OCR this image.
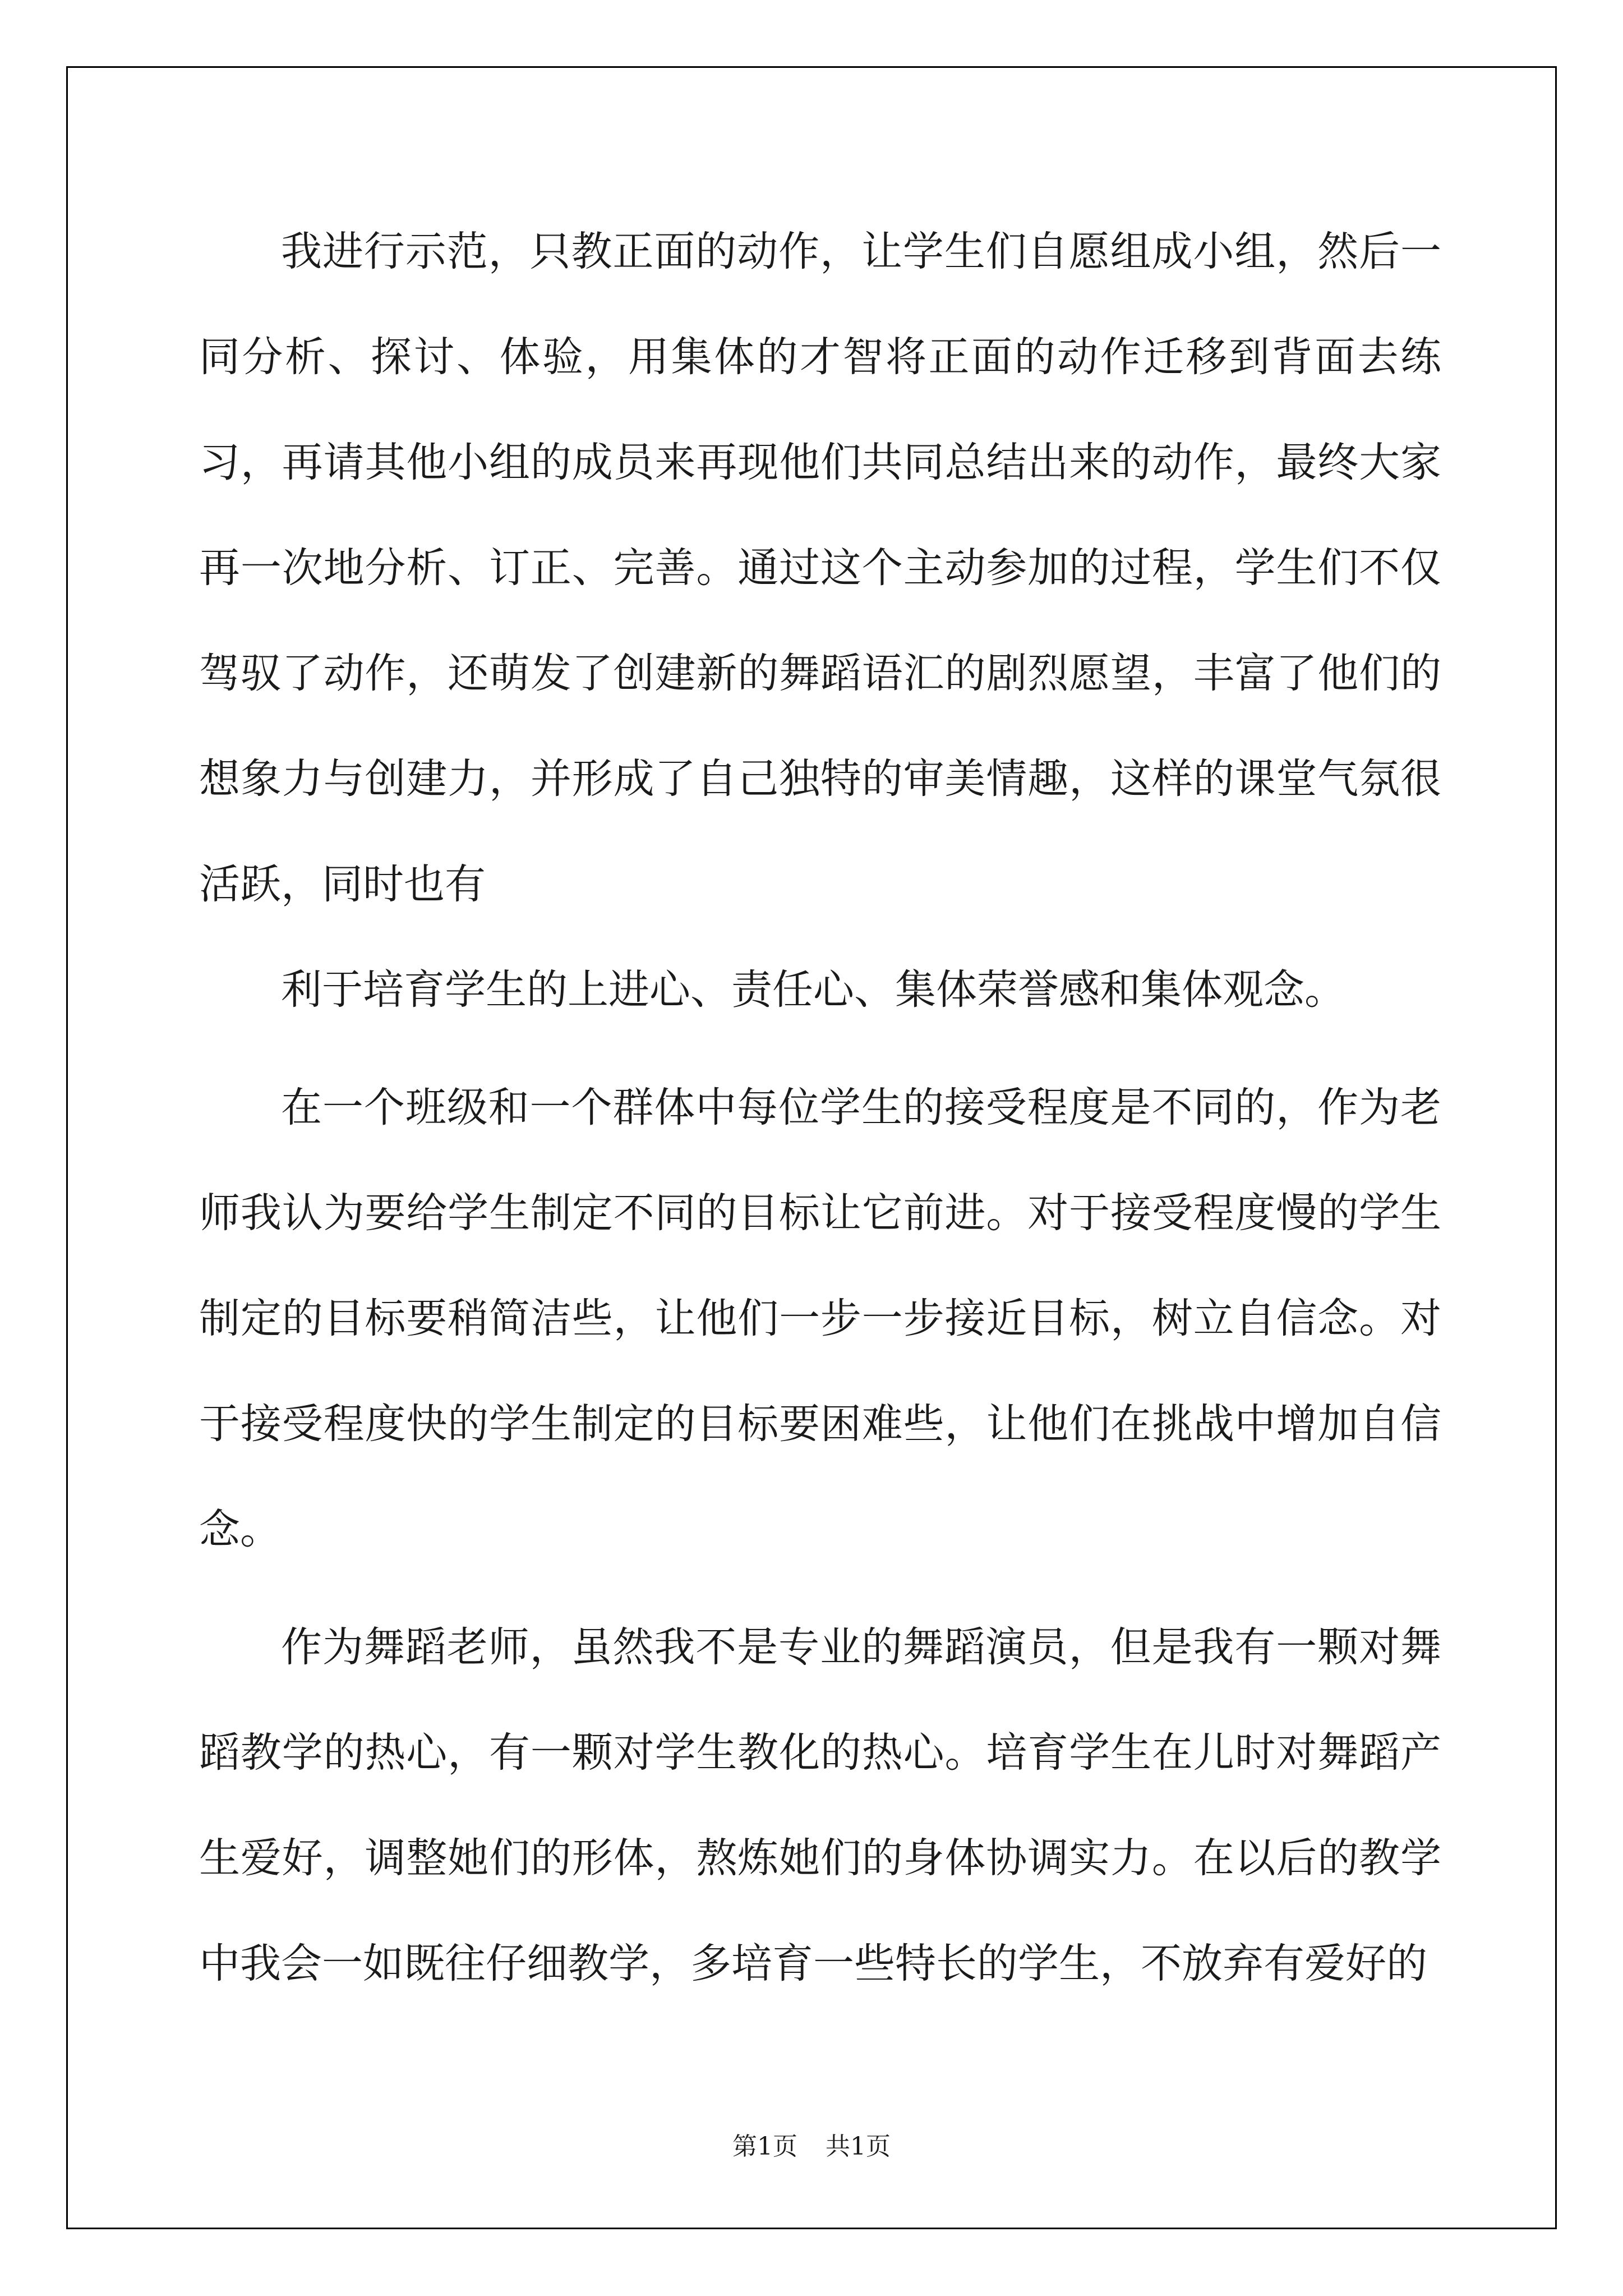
我进行示范，只教正面的动作，让学生们自愿组成小组，然后一同分析、探讨、体验，用集体的才智将正面的动作迁移到背面去练习，再请其他小组的成员来再现他们共同总结出来的动作，最终大家再一次地分析、订正、完善。通过这个主动参加的过程，学生们不仅驾驭了动作，还萌发了创建新的舞蹈语汇的剧烈愿望，丰富了他们的想象力与创建力，并形成了自己独特的审美情趣，这样的课堂气氛很活跃，同时也有

利于培育学生的上进心、责任心、集体荣誉感和集体观念。

在一个班级和一个群体中每位学生的接受程度是不同的，作为老师我认为要给学生制定不同的目标让它前进。对于接受程度慢的学生制定的目标要稍简洁些，让他们一步一步接近目标，树立自信念。对于接受程度快的学生制定的目标要困难些，让他们在挑战中增加自信念。

作为舞蹈老师，虽然我不是专业的舞蹈演员，但是我有一颗对舞蹈教学的热心，有一颗对学生教化的热心。培育学生在儿时对舞蹈产生爱好，调整她们的形体，熬炼她们的身体协调实力。在以后的教学中我会一如既往仔细教学，多培育一些特长的学生，不放弃有爱好的

第1页 共1页
